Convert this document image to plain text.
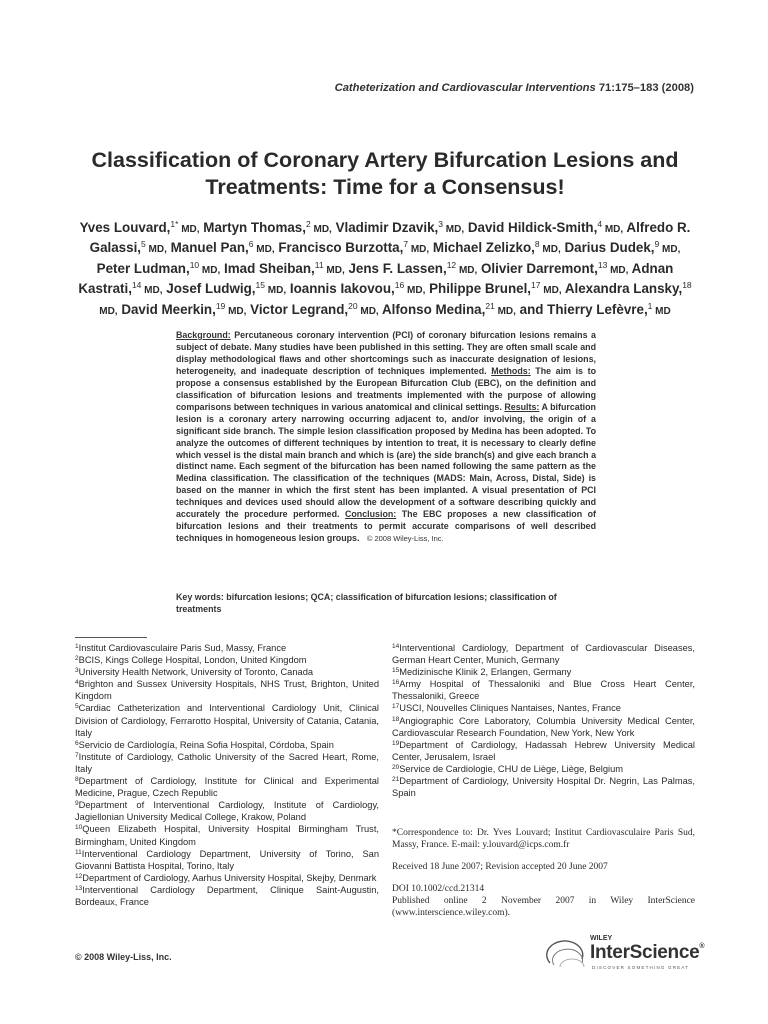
Catheterization and Cardiovascular Interventions 71:175–183 (2008)
Classification of Coronary Artery Bifurcation Lesions and Treatments: Time for a Consensus!
Yves Louvard,$^{1*}$ MD, Martyn Thomas,$^2$ MD, Vladimir Dzavik,$^3$ MD, David Hildick-Smith,$^4$ MD, Alfredo R. Galassi,$^5$ MD, Manuel Pan,$^6$ MD, Francisco Burzotta,$^7$ MD, Michael Zelizko,$^8$ MD, Darius Dudek,$^9$ MD, Peter Ludman,$^{10}$ MD, Imad Sheiban,$^{11}$ MD, Jens F. Lassen,$^{12}$ MD, Olivier Darremont,$^{13}$ MD, Adnan Kastrati,$^{14}$ MD, Josef Ludwig,$^{15}$ MD, Ioannis Iakovou,$^{16}$ MD, Philippe Brunel,$^{17}$ MD, Alexandra Lansky,$^{18}$ MD, David Meerkin,$^{19}$ MD, Victor Legrand,$^{20}$ MD, Alfonso Medina,$^{21}$ MD, and Thierry Lefèvre,$^1$ MD
Background: Percutaneous coronary intervention (PCI) of coronary bifurcation lesions remains a subject of debate. Many studies have been published in this setting. They are often small scale and display methodological flaws and other shortcomings such as inaccurate designation of lesions, heterogeneity, and inadequate description of techniques implemented. Methods: The aim is to propose a consensus established by the European Bifurcation Club (EBC), on the definition and classification of bifurcation lesions and treatments implemented with the purpose of allowing comparisons between techniques in various anatomical and clinical settings. Results: A bifurcation lesion is a coronary artery narrowing occurring adjacent to, and/or involving, the origin of a significant side branch. The simple lesion classification proposed by Medina has been adopted. To analyze the outcomes of different techniques by intention to treat, it is necessary to clearly define which vessel is the distal main branch and which is (are) the side branch(s) and give each branch a distinct name. Each segment of the bifurcation has been named following the same pattern as the Medina classification. The classification of the techniques (MADS: Main, Across, Distal, Side) is based on the manner in which the first stent has been implanted. A visual presentation of PCI techniques and devices used should allow the development of a software describing quickly and accurately the procedure performed. Conclusion: The EBC proposes a new classification of bifurcation lesions and their treatments to permit accurate comparisons of well described techniques in homogeneous lesion groups. © 2008 Wiley-Liss, Inc.
Key words: bifurcation lesions; QCA; classification of bifurcation lesions; classification of treatments

$^1$Institut Cardiovasculaire Paris Sud, Massy, France

$^2$BCIS, Kings College Hospital, London, United Kingdom

$^3$University Health Network, University of Toronto, Canada

$^4$Brighton and Sussex University Hospitals, NHS Trust, Brighton, United Kingdom

$^5$Cardiac Catheterization and Interventional Cardiology Unit, Clinical Division of Cardiology, Ferrarotto Hospital, University of Catania, Catania, Italy

$^6$Servicio de Cardiología, Reina Sofia Hospital, Córdoba, Spain

$^7$Institute of Cardiology, Catholic University of the Sacred Heart, Rome, Italy

$^8$Department of Cardiology, Institute for Clinical and Experimental Medicine, Prague, Czech Republic

$^9$Department of Interventional Cardiology, Institute of Cardiology, Jagiellonian University Medical College, Krakow, Poland

$^{10}$Queen Elizabeth Hospital, University Hospital Birmingham Trust, Birmingham, United Kingdom

$^{11}$Interventional Cardiology Department, University of Torino, San Giovanni Battista Hospital, Torino, Italy

$^{12}$Department of Cardiology, Aarhus University Hospital, Skejby, Denmark

$^{13}$Interventional Cardiology Department, Clinique Saint-Augustin, Bordeaux, France

$^{14}$Interventional Cardiology, Department of Cardiovascular Diseases, German Heart Center, Munich, Germany

$^{15}$Medizinische Klinik 2, Erlangen, Germany

$^{16}$Army Hospital of Thessaloniki and Blue Cross Heart Center, Thessaloniki, Greece

$^{17}$USCI, Nouvelles Cliniques Nantaises, Nantes, France

$^{18}$Angiographic Core Laboratory, Columbia University Medical Center, Cardiovascular Research Foundation, New York, New York

$^{19}$Department of Cardiology, Hadassah Hebrew University Medical Center, Jerusalem, Israel

$^{20}$Service de Cardiologie, CHU de Liège, Liège, Belgium

$^{21}$Department of Cardiology, University Hospital Dr. Negrin, Las Palmas, Spain

*Correspondence to: Dr. Yves Louvard; Institut Cardiovasculaire Paris Sud, Massy, France. E-mail: y.louvard@icps.com.fr
Received 18 June 2007; Revision accepted 20 June 2007
DOI 10.1002/ccd.21314
Published online 2 November 2007 in Wiley InterScience (www.interscience.wiley.com).
© 2008 Wiley-Liss, Inc.
WILEY
InterScience®
DISCOVER SOMETHING GREAT
